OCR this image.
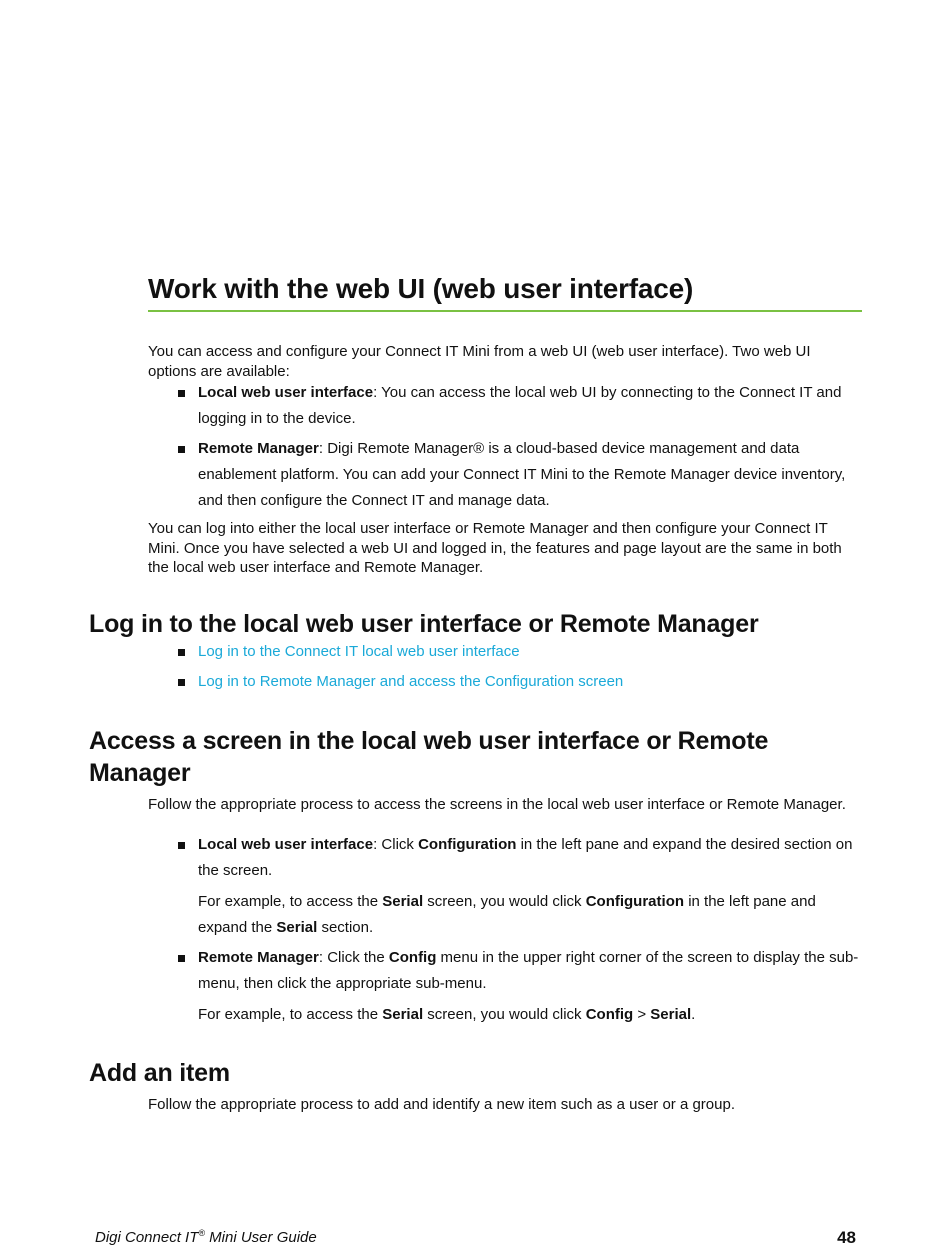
Work with the web UI (web user interface)

You can access and configure your Connect IT Mini from a web UI (web user interface). Two web UI options are available:

Local web user interface: You can access the local web UI by connecting to the Connect IT and logging in to the device.
Remote Manager: Digi Remote Manager® is a cloud-based device management and data enablement platform. You can add your Connect IT Mini to the Remote Manager device inventory, and then configure the Connect IT and manage data.

You can log into either the local user interface or Remote Manager and then configure your Connect IT Mini. Once you have selected a web UI and logged in, the features and page layout are the same in both the local web user interface and Remote Manager.

Log in to the local web user interface or Remote Manager
Log in to the Connect IT local web user interface
Log in to Remote Manager and access the Configuration screen
Access a screen in the local web user interface or Remote Manager

Follow the appropriate process to access the screens in the local web user interface or Remote Manager.

Local web user interface: Click Configuration in the left pane and expand the desired section on the screen.
For example, to access the Serial screen, you would click Configuration in the left pane and expand the Serial section.
Remote Manager: Click the Config menu in the upper right corner of the screen to display the sub-menu, then click the appropriate sub-menu.
For example, to access the Serial screen, you would click Config > Serial.
Add an item

Follow the appropriate process to add and identify a new item such as a user or a group.

Digi Connect IT® Mini User Guide	48
